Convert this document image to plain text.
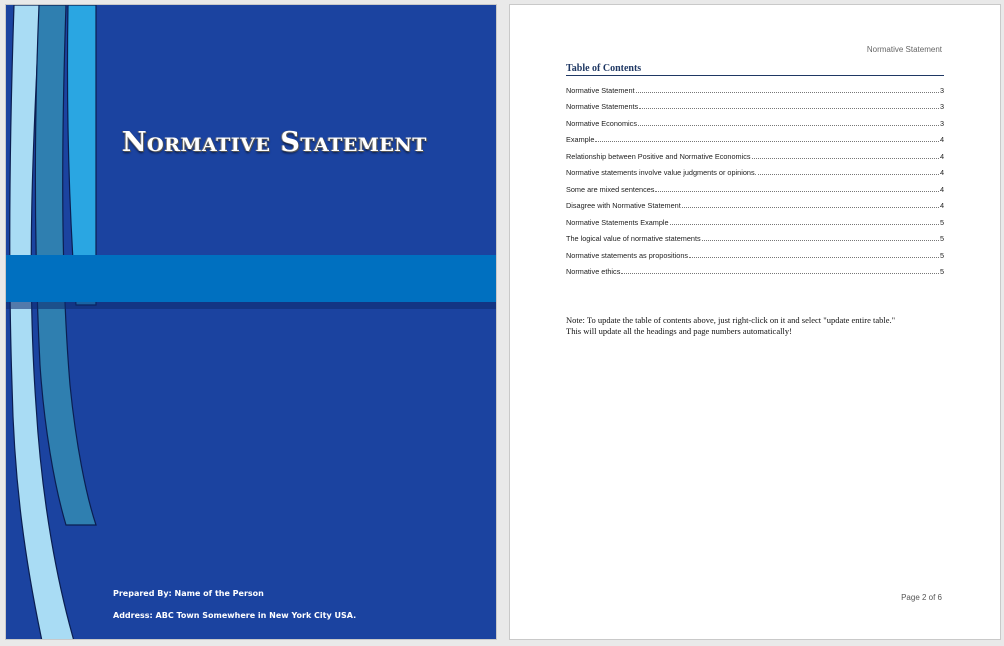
Normative Statement
Prepared By: Name of the Person
Address: ABC Town Somewhere in New York City USA.
Normative Statement
Table of Contents
Normative Statement	3
Normative Statements	3
Normative Economics	3
Example	4
Relationship between Positive and Normative Economics	4
Normative statements involve value judgments or opinions.	4
Some are mixed sentences	4
Disagree with Normative Statement	4
Normative Statements Example	5
The logical value of normative statements	5
Normative statements as propositions	5
Normative ethics	5
Note: To update the table of contents above, just right-click on it and select "update entire table."
This will update all the headings and page numbers automatically!
Page 2 of 6
